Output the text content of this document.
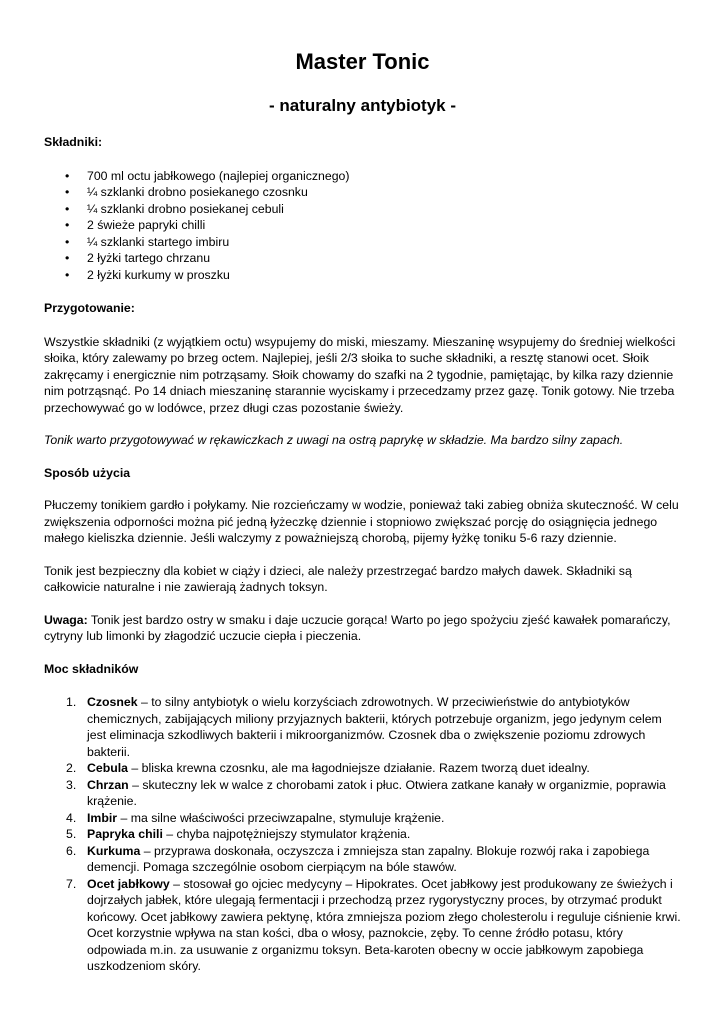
Master Tonic
- naturalny antybiotyk -

Składniki:

• 700 ml octu jabłkowego (najlepiej organicznego)
• ¼ szklanki drobno posiekanego czosnku
• ¼ szklanki drobno posiekanej cebuli
• 2 świeże papryki chilli
• ¼ szklanki startego imbiru
• 2 łyżki tartego chrzanu
• 2 łyżki kurkumy w proszku

Przygotowanie:

Wszystkie składniki (z wyjątkiem octu) wsypujemy do miski, mieszamy. Mieszaninę wsypujemy do średniej wielkości słoika, który zalewamy po brzeg octem. Najlepiej, jeśli 2/3 słoika to suche składniki, a resztę stanowi ocet. Słoik zakręcamy i energicznie nim potrząsamy. Słoik chowamy do szafki na 2 tygodnie, pamiętając, by kilka razy dziennie nim potrząsnąć. Po 14 dniach mieszaninę starannie wyciskamy i przecedzamy przez gazę. Tonik gotowy. Nie trzeba przechowywać go w lodówce, przez długi czas pozostanie świeży.

Tonik warto przygotowywać w rękawiczkach z uwagi na ostrą paprykę w składzie. Ma bardzo silny zapach.

Sposób użycia

Płuczemy tonikiem gardło i połykamy. Nie rozcieńczamy w wodzie, ponieważ taki zabieg obniża skuteczność. W celu zwiększenia odporności można pić jedną łyżeczkę dziennie i stopniowo zwiększać porcję do osiągnięcia jednego małego kieliszka dziennie. Jeśli walczymy z poważniejszą chorobą, pijemy łyżkę toniku 5-6 razy dziennie.

Tonik jest bezpieczny dla kobiet w ciąży i dzieci, ale należy przestrzegać bardzo małych dawek. Składniki są całkowicie naturalne i nie zawierają żadnych toksyn.

Uwaga: Tonik jest bardzo ostry w smaku i daje uczucie gorąca! Warto po jego spożyciu zjeść kawałek pomarańczy, cytryny lub limonki by złagodzić uczucie ciepła i pieczenia.

Moc składników

1. Czosnek – to silny antybiotyk o wielu korzyściach zdrowotnych. W przeciwieństwie do antybiotyków chemicznych, zabijających miliony przyjaznych bakterii, których potrzebuje organizm, jego jedynym celem jest eliminacja szkodliwych bakterii i mikroorganizmów. Czosnek dba o zwiększenie poziomu zdrowych bakterii.
2. Cebula – bliska krewna czosnku, ale ma łagodniejsze działanie. Razem tworzą duet idealny.
3. Chrzan – skuteczny lek w walce z chorobami zatok i płuc. Otwiera zatkane kanały w organizmie, poprawia krążenie.
4. Imbir – ma silne właściwości przeciwzapalne, stymuluje krążenie.
5. Papryka chili – chyba najpotężniejszy stymulator krążenia.
6. Kurkuma – przyprawa doskonała, oczyszcza i zmniejsza stan zapalny. Blokuje rozwój raka i zapobiega demencji. Pomaga szczególnie osobom cierpiącym na bóle stawów.
7. Ocet jabłkowy – stosował go ojciec medycyny – Hipokrates. Ocet jabłkowy jest produkowany ze świeżych i dojrzałych jabłek, które ulegają fermentacji i przechodzą przez rygorystyczny proces, by otrzymać produkt końcowy. Ocet jabłkowy zawiera pektynę, która zmniejsza poziom złego cholesterolu i reguluje ciśnienie krwi. Ocet korzystnie wpływa na stan kości, dba o włosy, paznokcie, zęby. To cenne źródło potasu, który odpowiada m.in. za usuwanie z organizmu toksyn. Beta-karoten obecny w occie jabłkowym zapobiega uszkodzeniom skóry.
